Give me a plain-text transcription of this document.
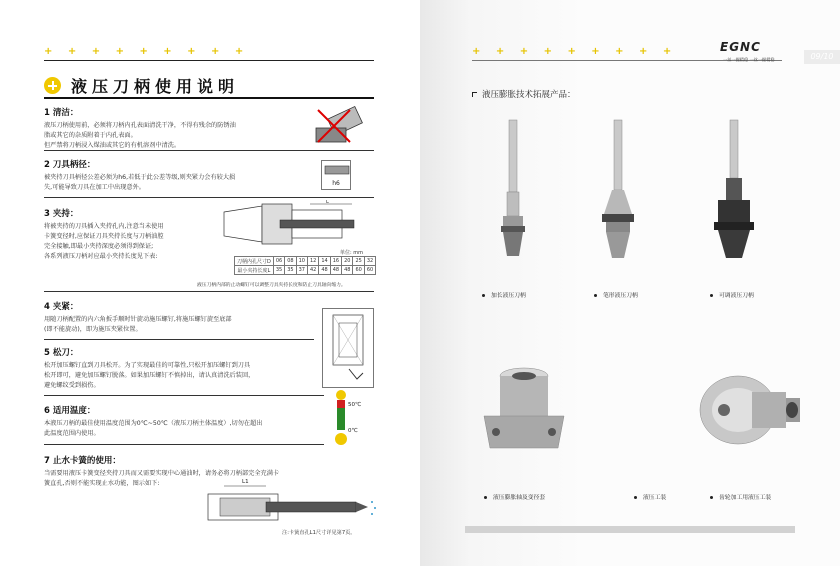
+ + + + + + + + +
液压刀柄使用说明
1 清洁：
液压刀柄使用前，必须将刀柄内孔表面清洗干净，不得有残余的防锈油
脂或其它的杂质附着于内孔表面。
但严禁将刀柄浸入煤油或其它的有机溶剂中清洗。
2 刀具柄径：
被夹持刀具柄径公差必须为h6,若低于此公差等级,则夹紧力会有较大损
失,可能导致刀具在加工中出现意外。
h6
3 夹持：
将被夹持的刀具插入夹持孔内,注意当未使用
卡簧变径时,应保证刀具夹持长度与刀柄油腔
完全接触,即最小夹持深度必须得到保证;
各系列液压刀柄对应最小夹持长度见下表:
L
单位: mm
刀柄内孔尺寸D	06	08	10	12	14	16	20	25	32
最小夹持长度L	35	35	37	42	48	48	48	60	60
液压刀柄内部的止动螺钉可以调整刀具夹持长度和防止刀具轴向缩力。
4 夹紧：
用随刀柄配置的内六角扳手顺时针旋动施压螺钉,将施压螺钉旋至底部
(即不能旋动)，即为施压夹紧位置。
5 松刀：
松开加压螺钉直到刀具松开。为了实现最佳的可靠性,只松开加压螺钉到刀具
松开即可，避免加压螺钉脱落。如果加压螺钉不慎掉出，请认真清洗后装回，
避免螺纹受到损伤。
6 适用温度：
本液压刀柄的最佳使用温度范围为0℃~50℃（液压刀柄主体温度）,切勿在超出
此温度范围内使用。
50℃
0℃
7 止水卡簧的使用：
当需要用液压卡簧变径夹持刀具而又需要实现中心通油时，请务必将刀柄部完全充满卡
簧直孔,否则不能实现止水功能，图示如下:	L1
注:卡簧直孔L1尺寸详见第7页。
+ + + + + + + + +	EGNC
一丝一握精稳 一丝一握精稳	09/10
液压膨胀技术拓展产品：
加长液压刀柄	笔形液压刀柄	可调液压刀柄
液压膨胀轴及变径套	液压工装	齿轮加工用液压工装
